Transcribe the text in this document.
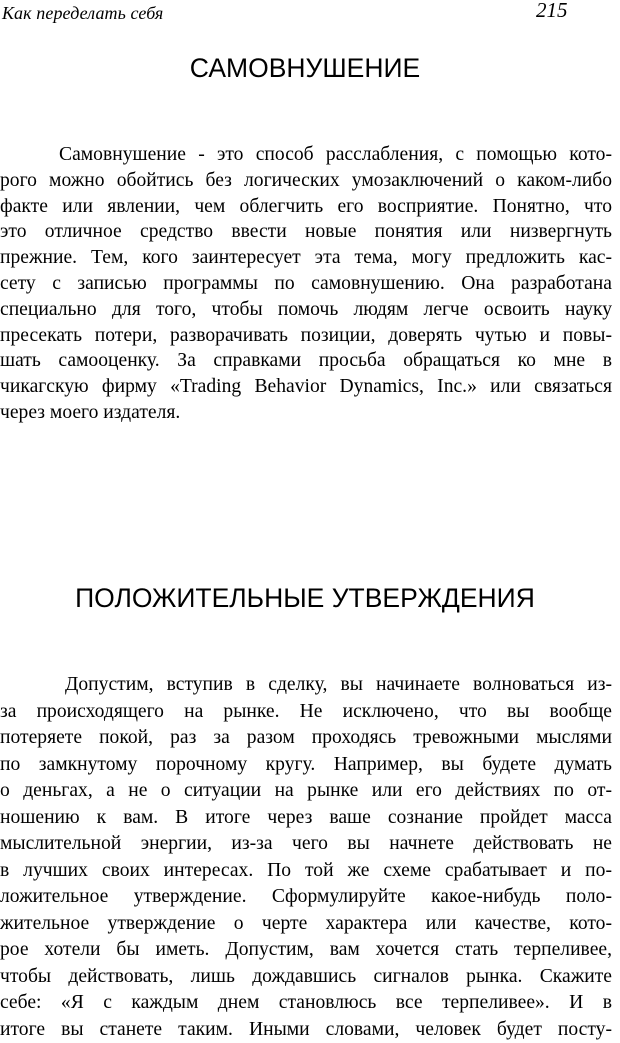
Как переделать себя	215
САМОВНУШЕНИЕ
Самовнушение - это способ расслабления, с помощью кото-
рого можно обойтись без логических умозаключений о каком-либо
факте или явлении, чем облегчить его восприятие. Понятно, что
это отличное средство ввести новые понятия или низвергнуть
прежние. Тем, кого заинтересует эта тема, могу предложить кас-
сету с записью программы по самовнушению. Она разработана
специально для того, чтобы помочь людям легче освоить науку
пресекать потери, разворачивать позиции, доверять чутью и повы-
шать самооценку. За справками просьба обращаться ко мне в
чикагскую фирму «Trading Behavior Dynamics, Inc.» или связаться
через моего издателя.
ПОЛОЖИТЕЛЬНЫЕ УТВЕРЖДЕНИЯ
Допустим, вступив в сделку, вы начинаете волноваться из-
за происходящего на рынке. Не исключено, что вы вообще
потеряете покой, раз за разом проходясь тревожными мыслями
по замкнутому порочному кругу. Например, вы будете думать
о деньгах, а не о ситуации на рынке или его действиях по от-
ношению к вам. В итоге через ваше сознание пройдет масса
мыслительной энергии, из-за чего вы начнете действовать не
в лучших своих интересах. По той же схеме срабатывает и по-
ложительное утверждение. Сформулируйте какое-нибудь поло-
жительное утверждение о черте характера или качестве, кото-
рое хотели бы иметь. Допустим, вам хочется стать терпеливее,
чтобы действовать, лишь дождавшись сигналов рынка. Скажите
себе: «Я с каждым днем становлюсь все терпеливее». И в
итоге вы станете таким. Иными словами, человек будет посту-
